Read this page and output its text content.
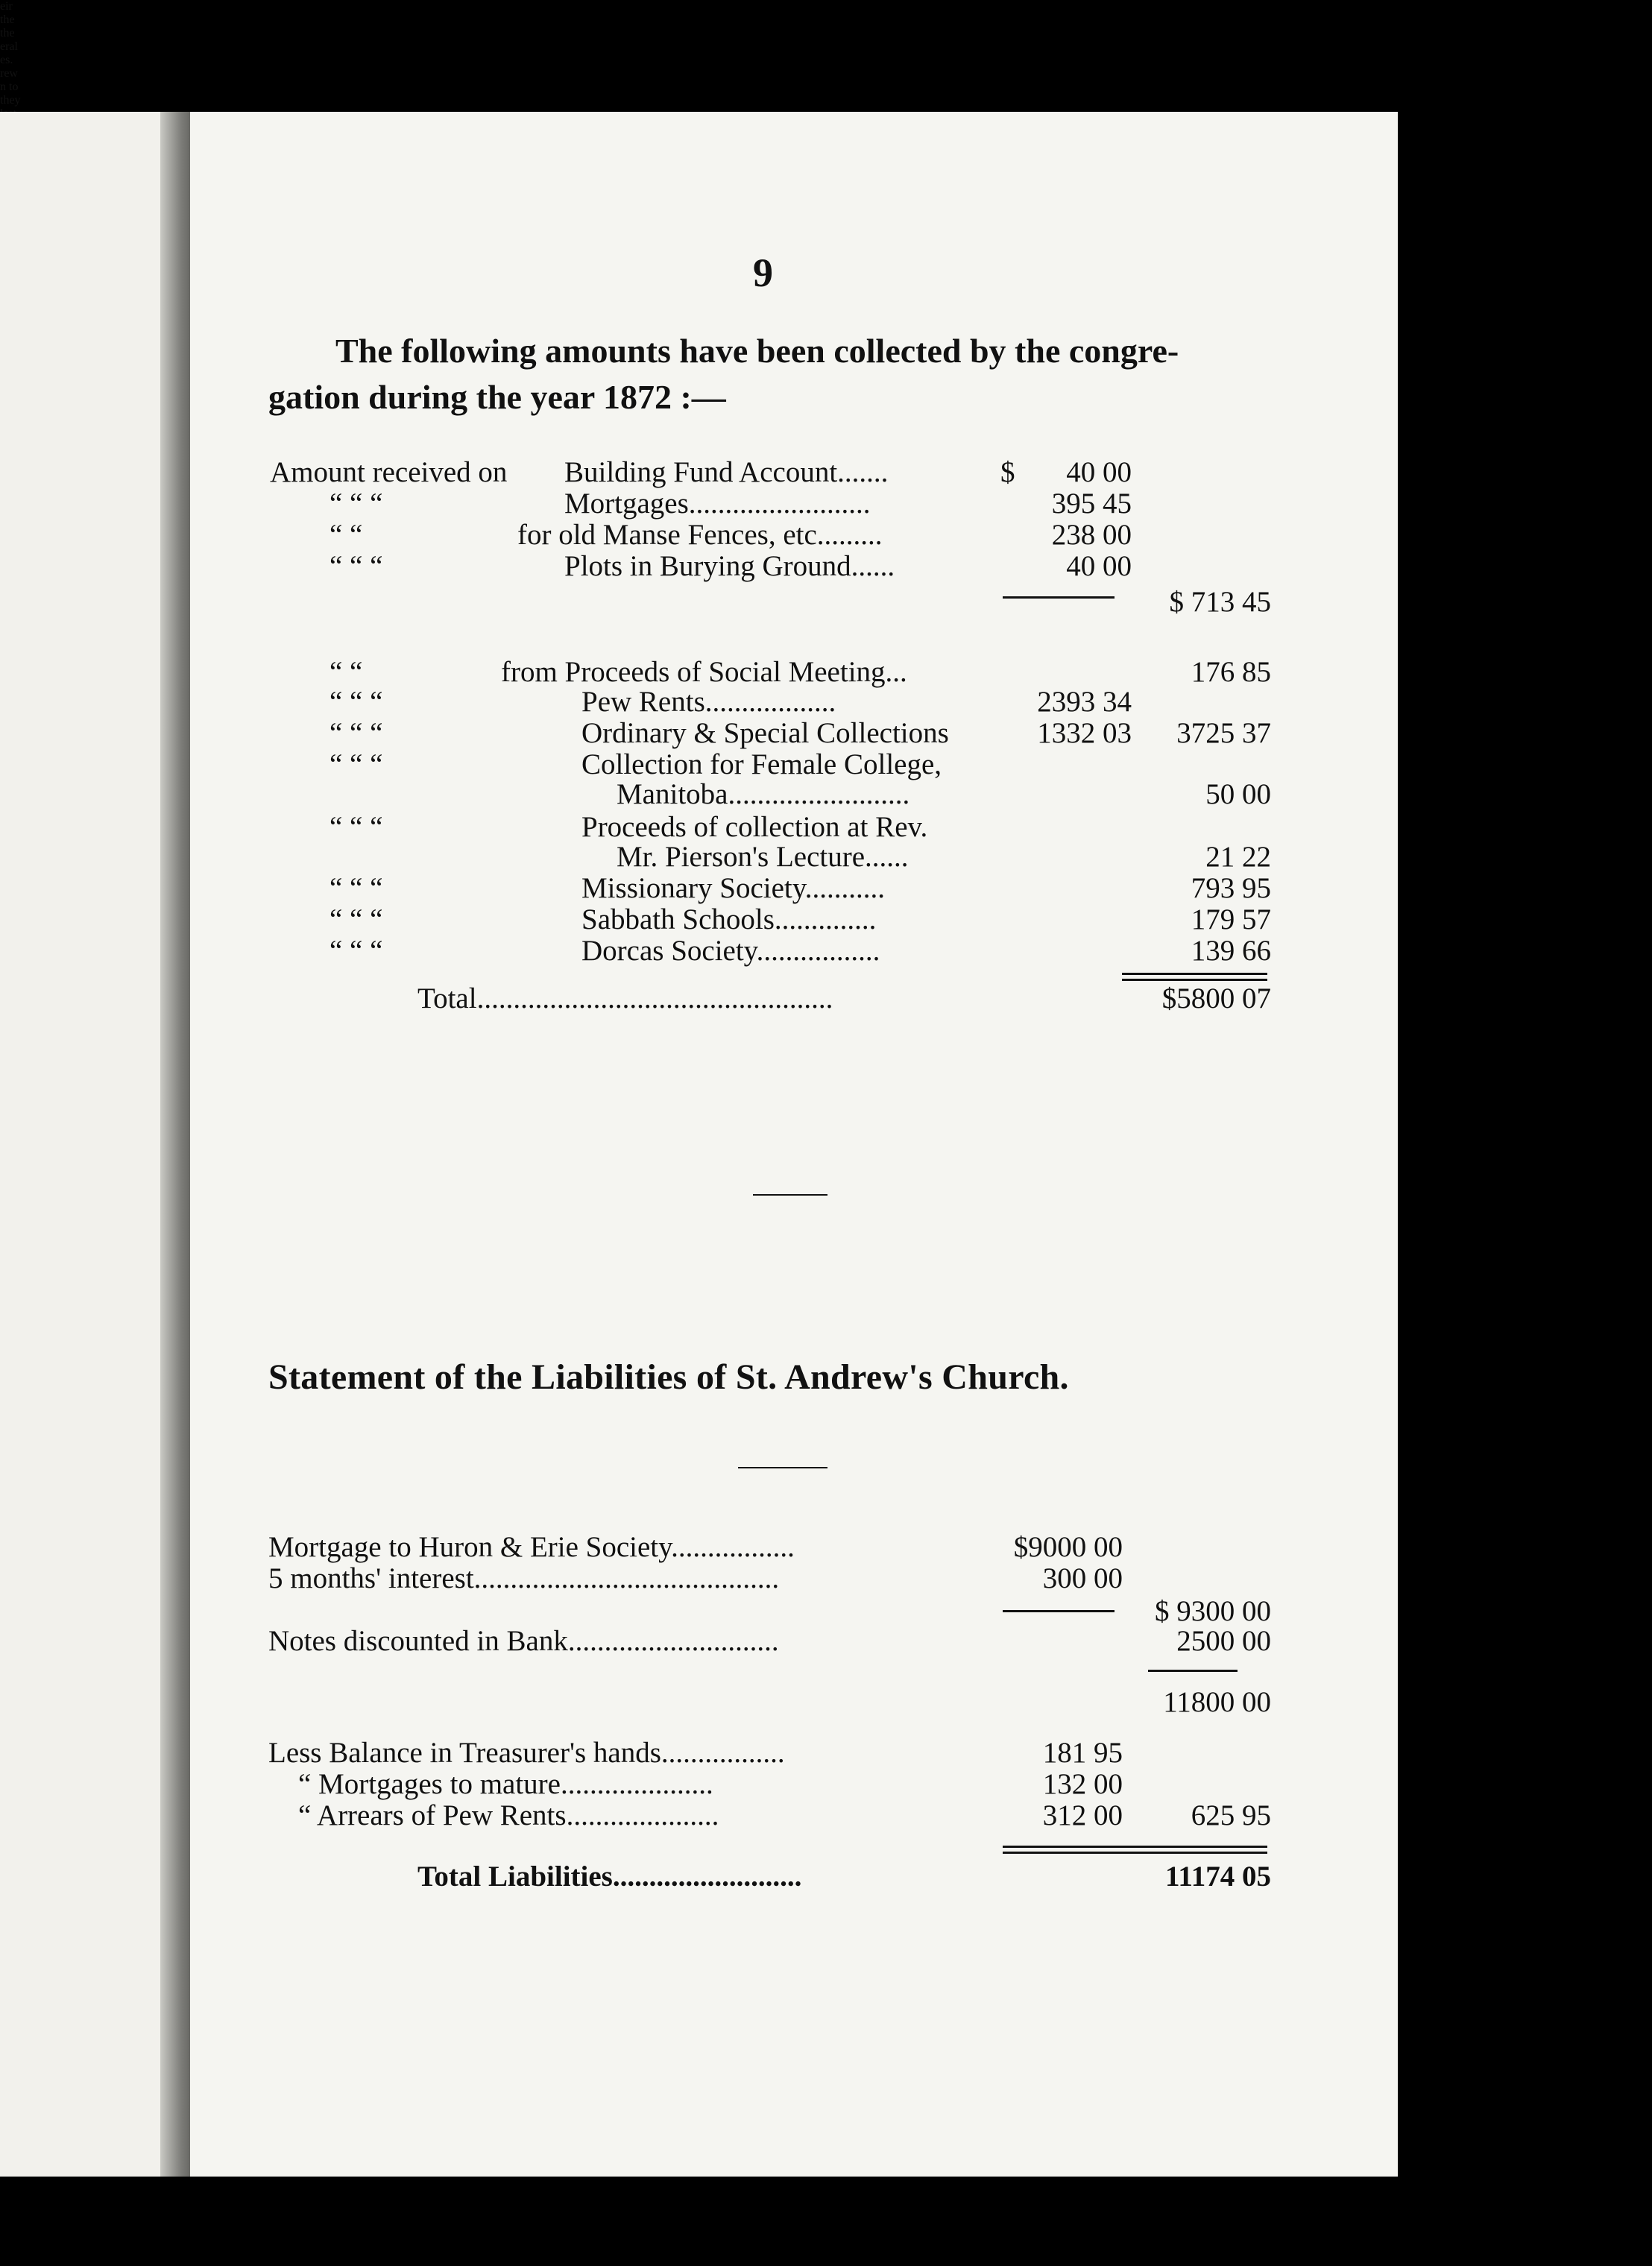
eir
the
the
eral
es.
rew
n to
they
9
The following amounts have been collected by the congre-
gation during the year 1872 :—
Amount received on Building Fund Account.......	$	40 00
“ “ “	Mortgages.........................	395 45
“ “	for old Manse Fences, etc.........	238 00
“ “ “	Plots in Burying Ground......	40 00
$ 713 45
“ “	from Proceeds of Social Meeting...	176 85
“ “ “	Pew Rents..................	2393 34
“ “ “	Ordinary & Special Collections	1332 03	3725 37
“ “ “	Collection for Female College,
Manitoba.........................	50 00
“ “ “	Proceeds of collection at Rev.
Mr. Pierson's Lecture......	21 22
“ “ “	Missionary Society...........	793 95
“ “ “	Sabbath Schools..............	179 57
“ “ “	Dorcas Society.................	139 66
Total.................................................	$5800 07
Statement of the Liabilities of St. Andrew's Church.
Mortgage to Huron & Erie Society.................	$9000 00
5 months' interest..........................................	300 00
$ 9300 00
Notes discounted in Bank.............................	2500 00
11800 00
Less Balance in Treasurer's hands.................	181 95
“ Mortgages to mature.....................	132 00
“ Arrears of Pew Rents.....................	312 00	625 95
Total Liabilities..........................	11174 05
